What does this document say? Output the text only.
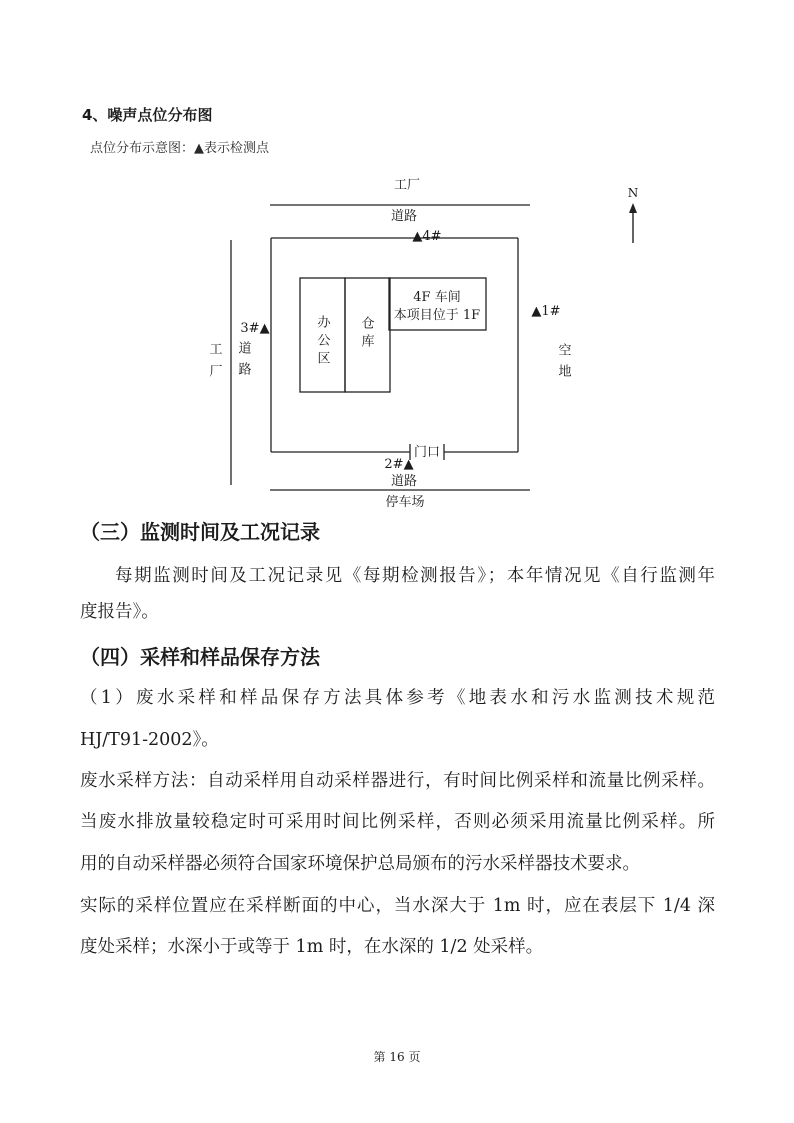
4、噪声点位分布图
点位分布示意图：▲表示检测点
工厂
道路
▲4#
4F 车间
本项目位于 1F
办公区 仓库
▲1#
3#▲
工厂 道路	空地
N
门口
2#▲
道路
停车场
（三）监测时间及工况记录
每期监测时间及工况记录见《每期检测报告》；本年情况见《自行监测年
度报告》。
（四）采样和样品保存方法
（1）废水采样和样品保存方法具体参考《地表水和污水监测技术规范
HJ/T91-2002》。
废水采样方法：自动采样用自动采样器进行，有时间比例采样和流量比例采样。
当废水排放量较稳定时可采用时间比例采样，否则必须采用流量比例采样。所
用的自动采样器必须符合国家环境保护总局颁布的污水采样器技术要求。
实际的采样位置应在采样断面的中心，当水深大于 1m 时，应在表层下 1/4 深
度处采样；水深小于或等于 1m 时，在水深的 1/2 处采样。
第 16 页
